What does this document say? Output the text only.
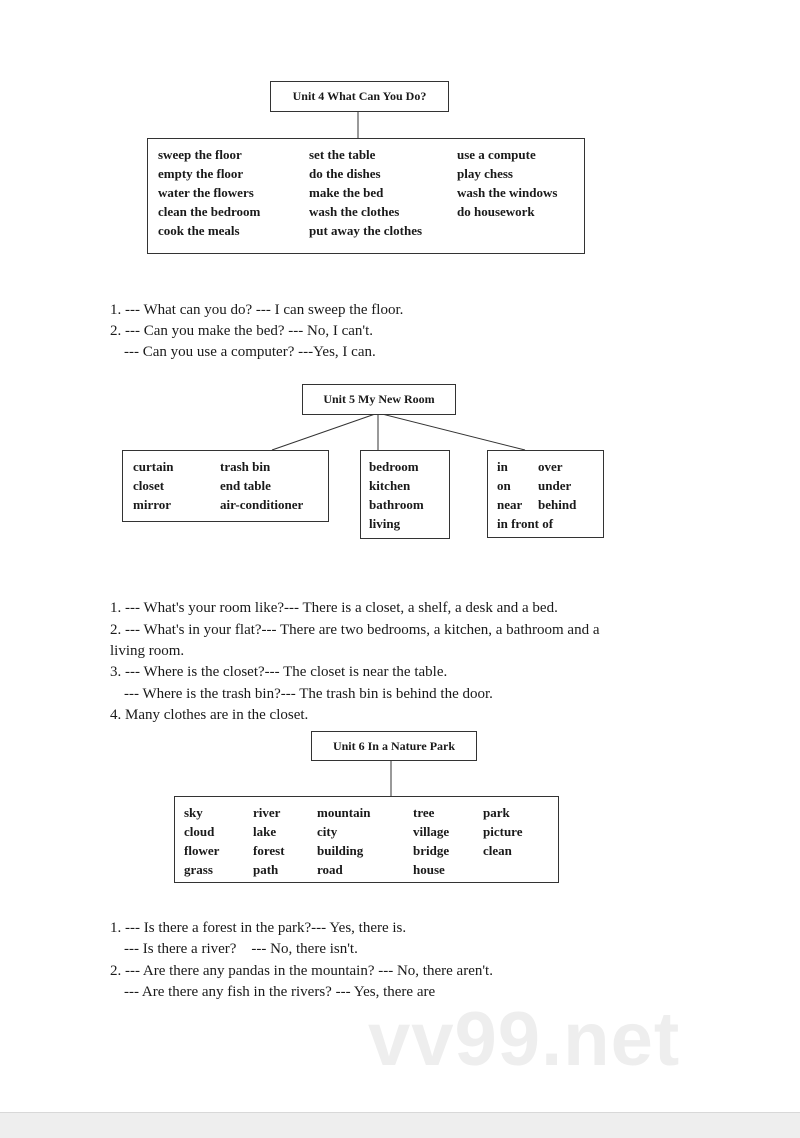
Unit 4 What Can You Do?
sweep the floor
empty the floor
water the flowers
clean the bedroom
cook the meals
set the table
do the dishes
make the bed
wash the clothes
put away the clothes
use a compute
play chess
wash the windows
do housework
1. --- What can you do? --- I can sweep the floor.
2. --- Can you make the bed? --- No, I can't.
--- Can you use a computer? ---Yes, I can.
Unit 5 My New Room
curtain
closet
mirror
trash bin
end table
air-conditioner
bedroom
kitchen
bathroom
living
in
on
near
in front of
over
under
behind
1. --- What's your room like?--- There is a closet, a shelf, a desk and a bed.
2. --- What's in your flat?--- There are two bedrooms, a kitchen, a bathroom and a
living room.
3. --- Where is the closet?--- The closet is near the table.
--- Where is the trash bin?--- The trash bin is behind the door.
4. Many clothes are in the closet.
Unit 6 In a Nature Park
sky
cloud
flower
grass
river
lake
forest
path
mountain
city
building
road
tree
village
bridge
house
park
picture
clean
1. --- Is there a forest in the park?--- Yes, there is.
--- Is there a river?    --- No, there isn't.
2. --- Are there any pandas in the mountain? --- No, there aren't.
--- Are there any fish in the rivers? --- Yes, there are
vv99.net
